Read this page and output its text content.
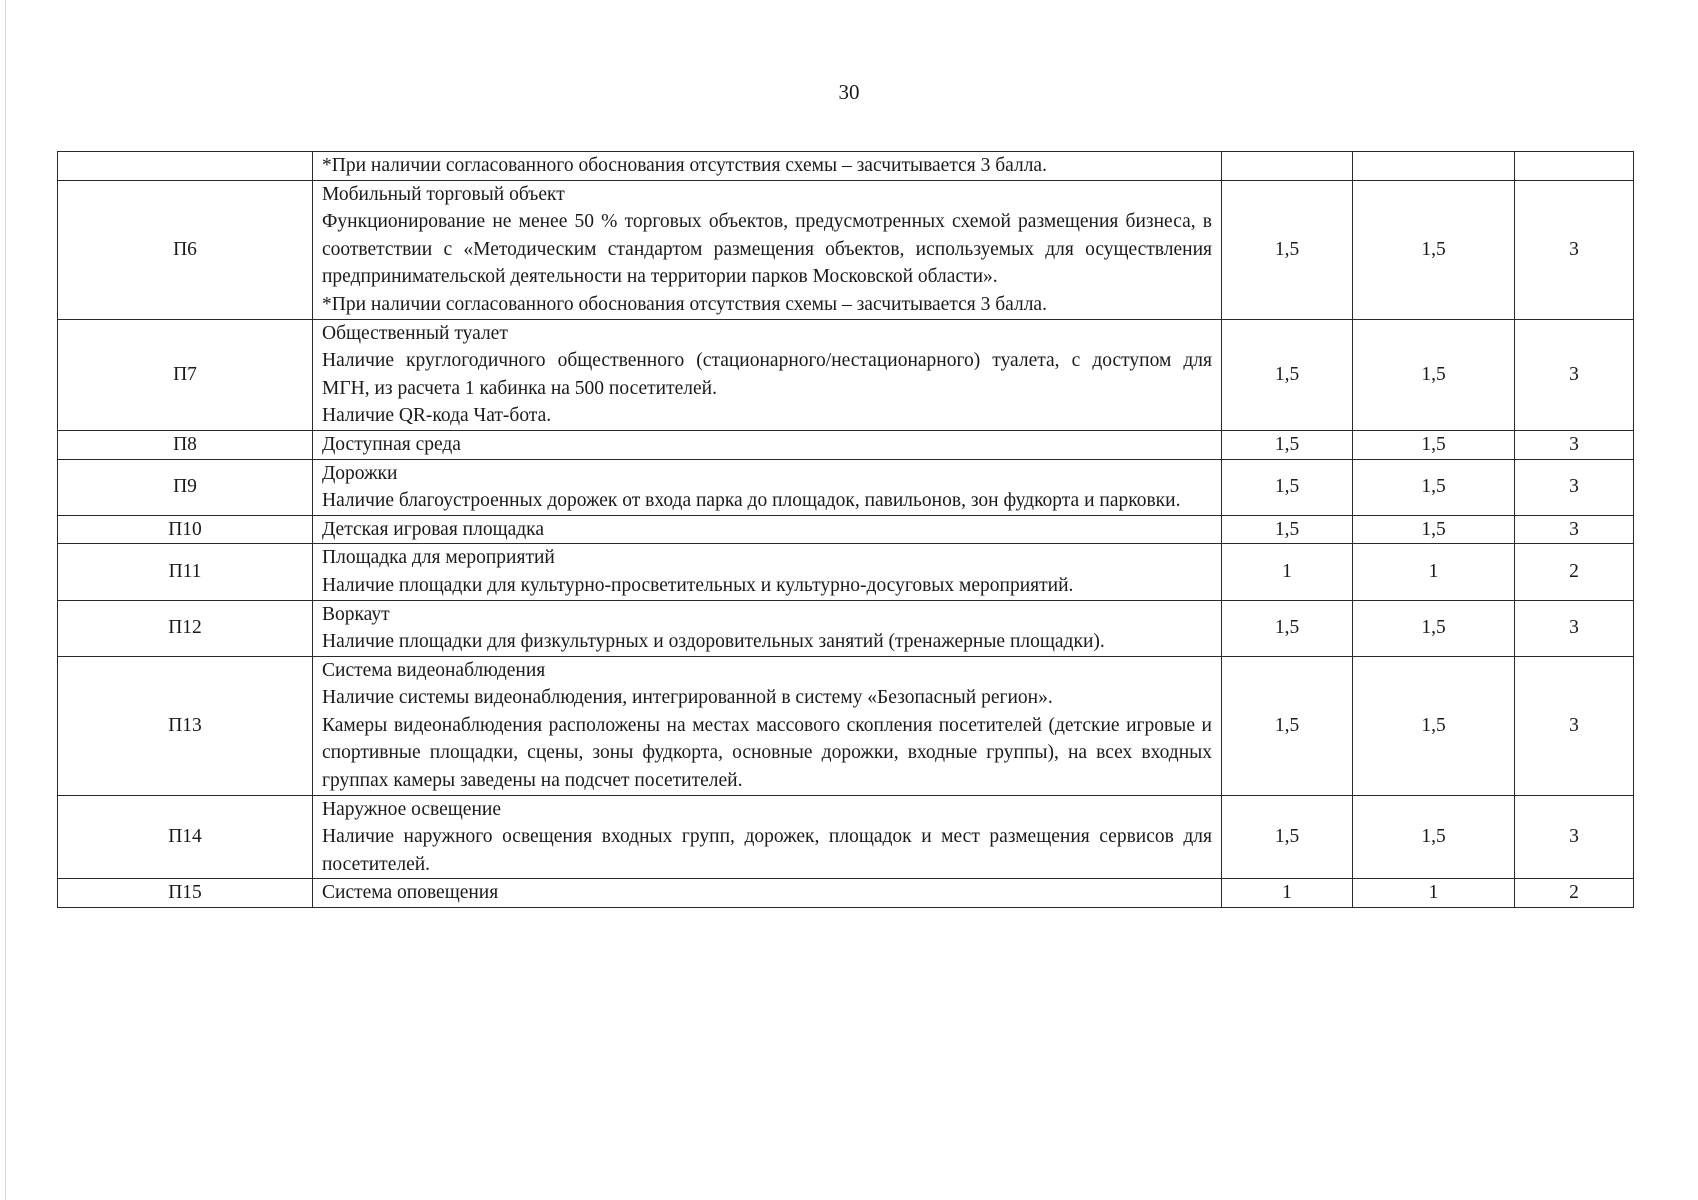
30

	*При наличии согласованного обоснования отсутствия схемы – засчитывается 3 балла.			

П6	Мобильный торговый объект
Функционирование не менее 50 % торговых объектов, предусмотренных схемой размещения бизнеса, в соответствии с «Методическим стандартом размещения объектов, используемых для осуществления предпринимательской деятельности на территории парков Московской области».
*При наличии согласованного обоснования отсутствия схемы – засчитывается 3 балла.	1,5	1,5	3
П7	Общественный туалет
Наличие круглогодичного общественного (стационарного/нестационарного) туалета, с доступом для МГН, из расчета 1 кабинка на 500 посетителей.
Наличие QR-кода Чат-бота.	1,5	1,5	3
П8	Доступная среда	1,5	1,5	3
П9	Дорожки
Наличие благоустроенных дорожек от входа парка до площадок, павильонов, зон фудкорта и парковки.	1,5	1,5	3
П10	Детская игровая площадка	1,5	1,5	3
П11	Площадка для мероприятий
Наличие площадки для культурно-просветительных и культурно-досуговых мероприятий.	1	1	2
П12	Воркаут
Наличие площадки для физкультурных и оздоровительных занятий (тренажерные площадки).	1,5	1,5	3
П13	Система видеонаблюдения
Наличие системы видеонаблюдения, интегрированной в систему «Безопасный регион».
Камеры видеонаблюдения расположены на местах массового скопления посетителей (детские игровые и спортивные площадки, сцены, зоны фудкорта, основные дорожки, входные группы), на всех входных группах камеры заведены на подсчет посетителей.	1,5	1,5	3
П14	Наружное освещение
Наличие наружного освещения входных групп, дорожек, площадок и мест размещения сервисов для посетителей.	1,5	1,5	3
П15	Система оповещения	1	1	2
